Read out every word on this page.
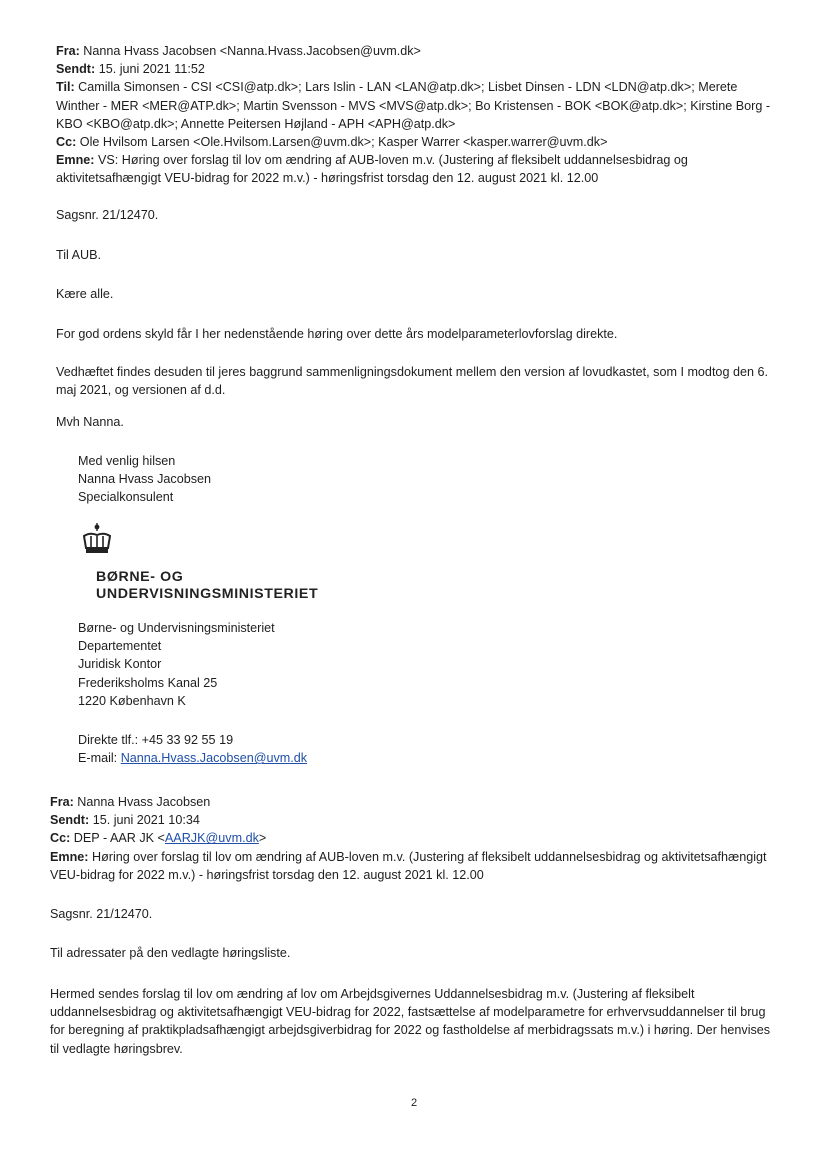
Fra: Nanna Hvass Jacobsen <Nanna.Hvass.Jacobsen@uvm.dk>

Sendt: 15. juni 2021 11:52

Til: Camilla Simonsen - CSI <CSI@atp.dk>; Lars Islin - LAN <LAN@atp.dk>; Lisbet Dinsen - LDN <LDN@atp.dk>; Merete Winther - MER <MER@ATP.dk>; Martin Svensson - MVS <MVS@atp.dk>; Bo Kristensen - BOK <BOK@atp.dk>; Kirstine Borg - KBO <KBO@atp.dk>; Annette Peitersen Højland - APH <APH@atp.dk>

Cc: Ole Hvilsom Larsen <Ole.Hvilsom.Larsen@uvm.dk>; Kasper Warrer <kasper.warrer@uvm.dk>

Emne: VS: Høring over forslag til lov om ændring af AUB-loven m.v. (Justering af fleksibelt uddannelsesbidrag og aktivitetsafhængigt VEU-bidrag for 2022 m.v.) - høringsfrist torsdag den 12. august 2021 kl. 12.00

Sagsnr. 21/12470.

Til AUB.

Kære alle.

For god ordens skyld får I her nedenstående høring over dette års modelparameterlovforslag direkte.

Vedhæftet findes desuden til jeres baggrund sammenligningsdokument mellem den version af lovudkastet, som I modtog den 6. maj 2021, og versionen af d.d.

Mvh Nanna.

Med venlig hilsen

Nanna Hvass Jacobsen

Specialkonsulent

BØRNE- OG

UNDERVISNINGSMINISTERIET

Børne- og Undervisningsministeriet

Departementet

Juridisk Kontor

Frederiksholms Kanal 25

1220 København K

Direkte tlf.: +45 33 92 55 19

E-mail: Nanna.Hvass.Jacobsen@uvm.dk

Fra: Nanna Hvass Jacobsen

Sendt: 15. juni 2021 10:34

Cc: DEP - AAR JK <AARJK@uvm.dk>

Emne: Høring over forslag til lov om ændring af AUB-loven m.v. (Justering af fleksibelt uddannelsesbidrag og aktivitetsafhængigt VEU-bidrag for 2022 m.v.) - høringsfrist torsdag den 12. august 2021 kl. 12.00

Sagsnr. 21/12470.

Til adressater på den vedlagte høringsliste.

Hermed sendes forslag til lov om ændring af lov om Arbejdsgivernes Uddannelsesbidrag m.v. (Justering af fleksibelt uddannelsesbidrag og aktivitetsafhængigt VEU-bidrag for 2022, fastsættelse af modelparametre for erhvervsuddannelser til brug for beregning af praktikpladsafhængigt arbejdsgiverbidrag for 2022 og fastholdelse af merbidragssats m.v.) i høring. Der henvises til vedlagte høringsbrev.

2
